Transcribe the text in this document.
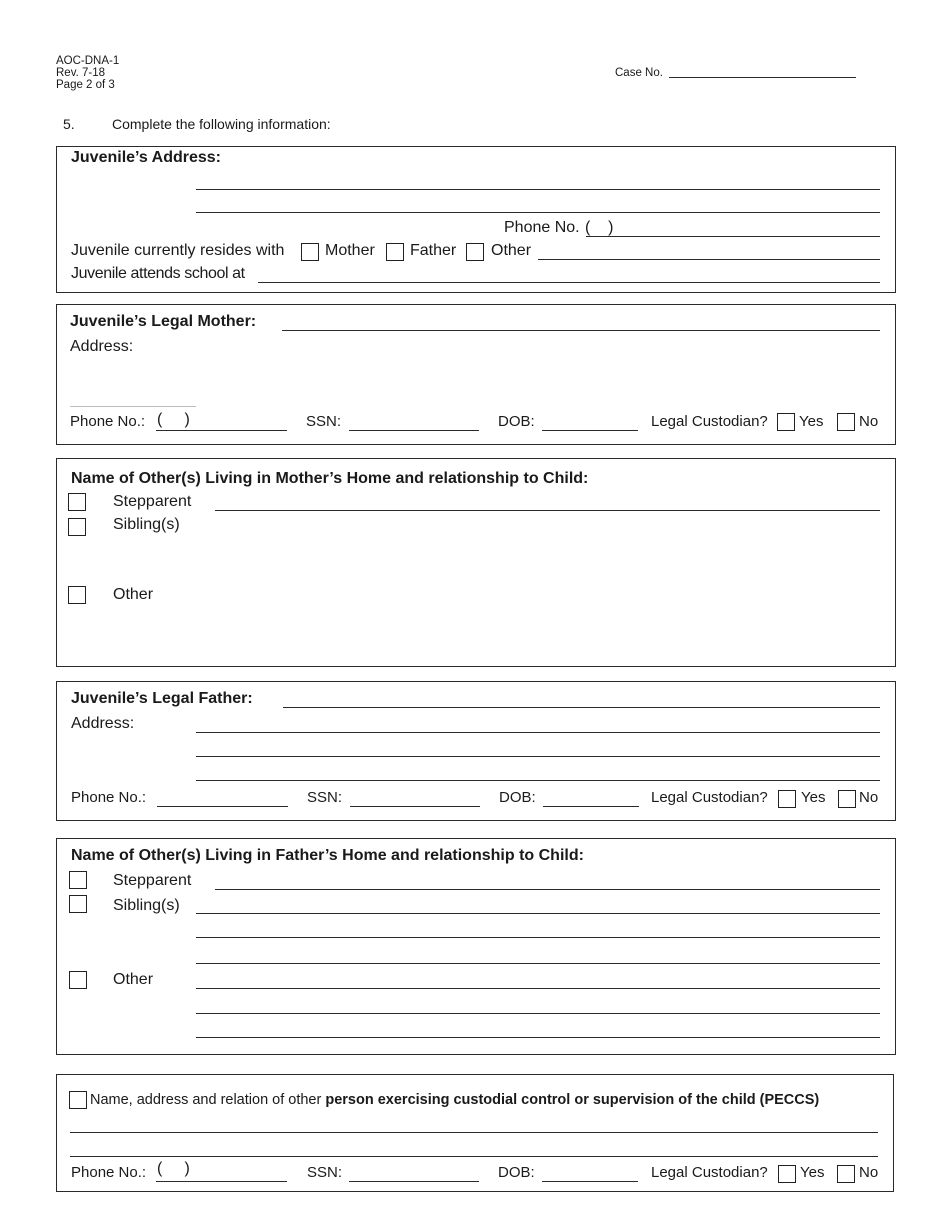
AOC-DNA-1
Rev. 7-18
Page 2 of 3
Case No.
5.	Complete the following information:
Juvenile’s Address:
Phone No. (    )
Juvenile currently resides with	Mother Father Other
Juvenile attends school at
Juvenile’s Legal Mother:
Address:
Phone No.: (     )	SSN:	DOB:	Legal Custodian? Yes No
Name of Other(s) Living in Mother’s Home and relationship to Child:
Stepparent
Sibling(s)
Other
Juvenile’s Legal Father:
Address:
Phone No.:	SSN:	DOB:	Legal Custodian? Yes No
Name of Other(s) Living in Father’s Home and relationship to Child:
Stepparent
Sibling(s)
Other
Name, address and relation of other person exercising custodial control or supervision of the child (PECCS)
Phone No.: (     )	SSN:	DOB:	Legal Custodian? Yes No
